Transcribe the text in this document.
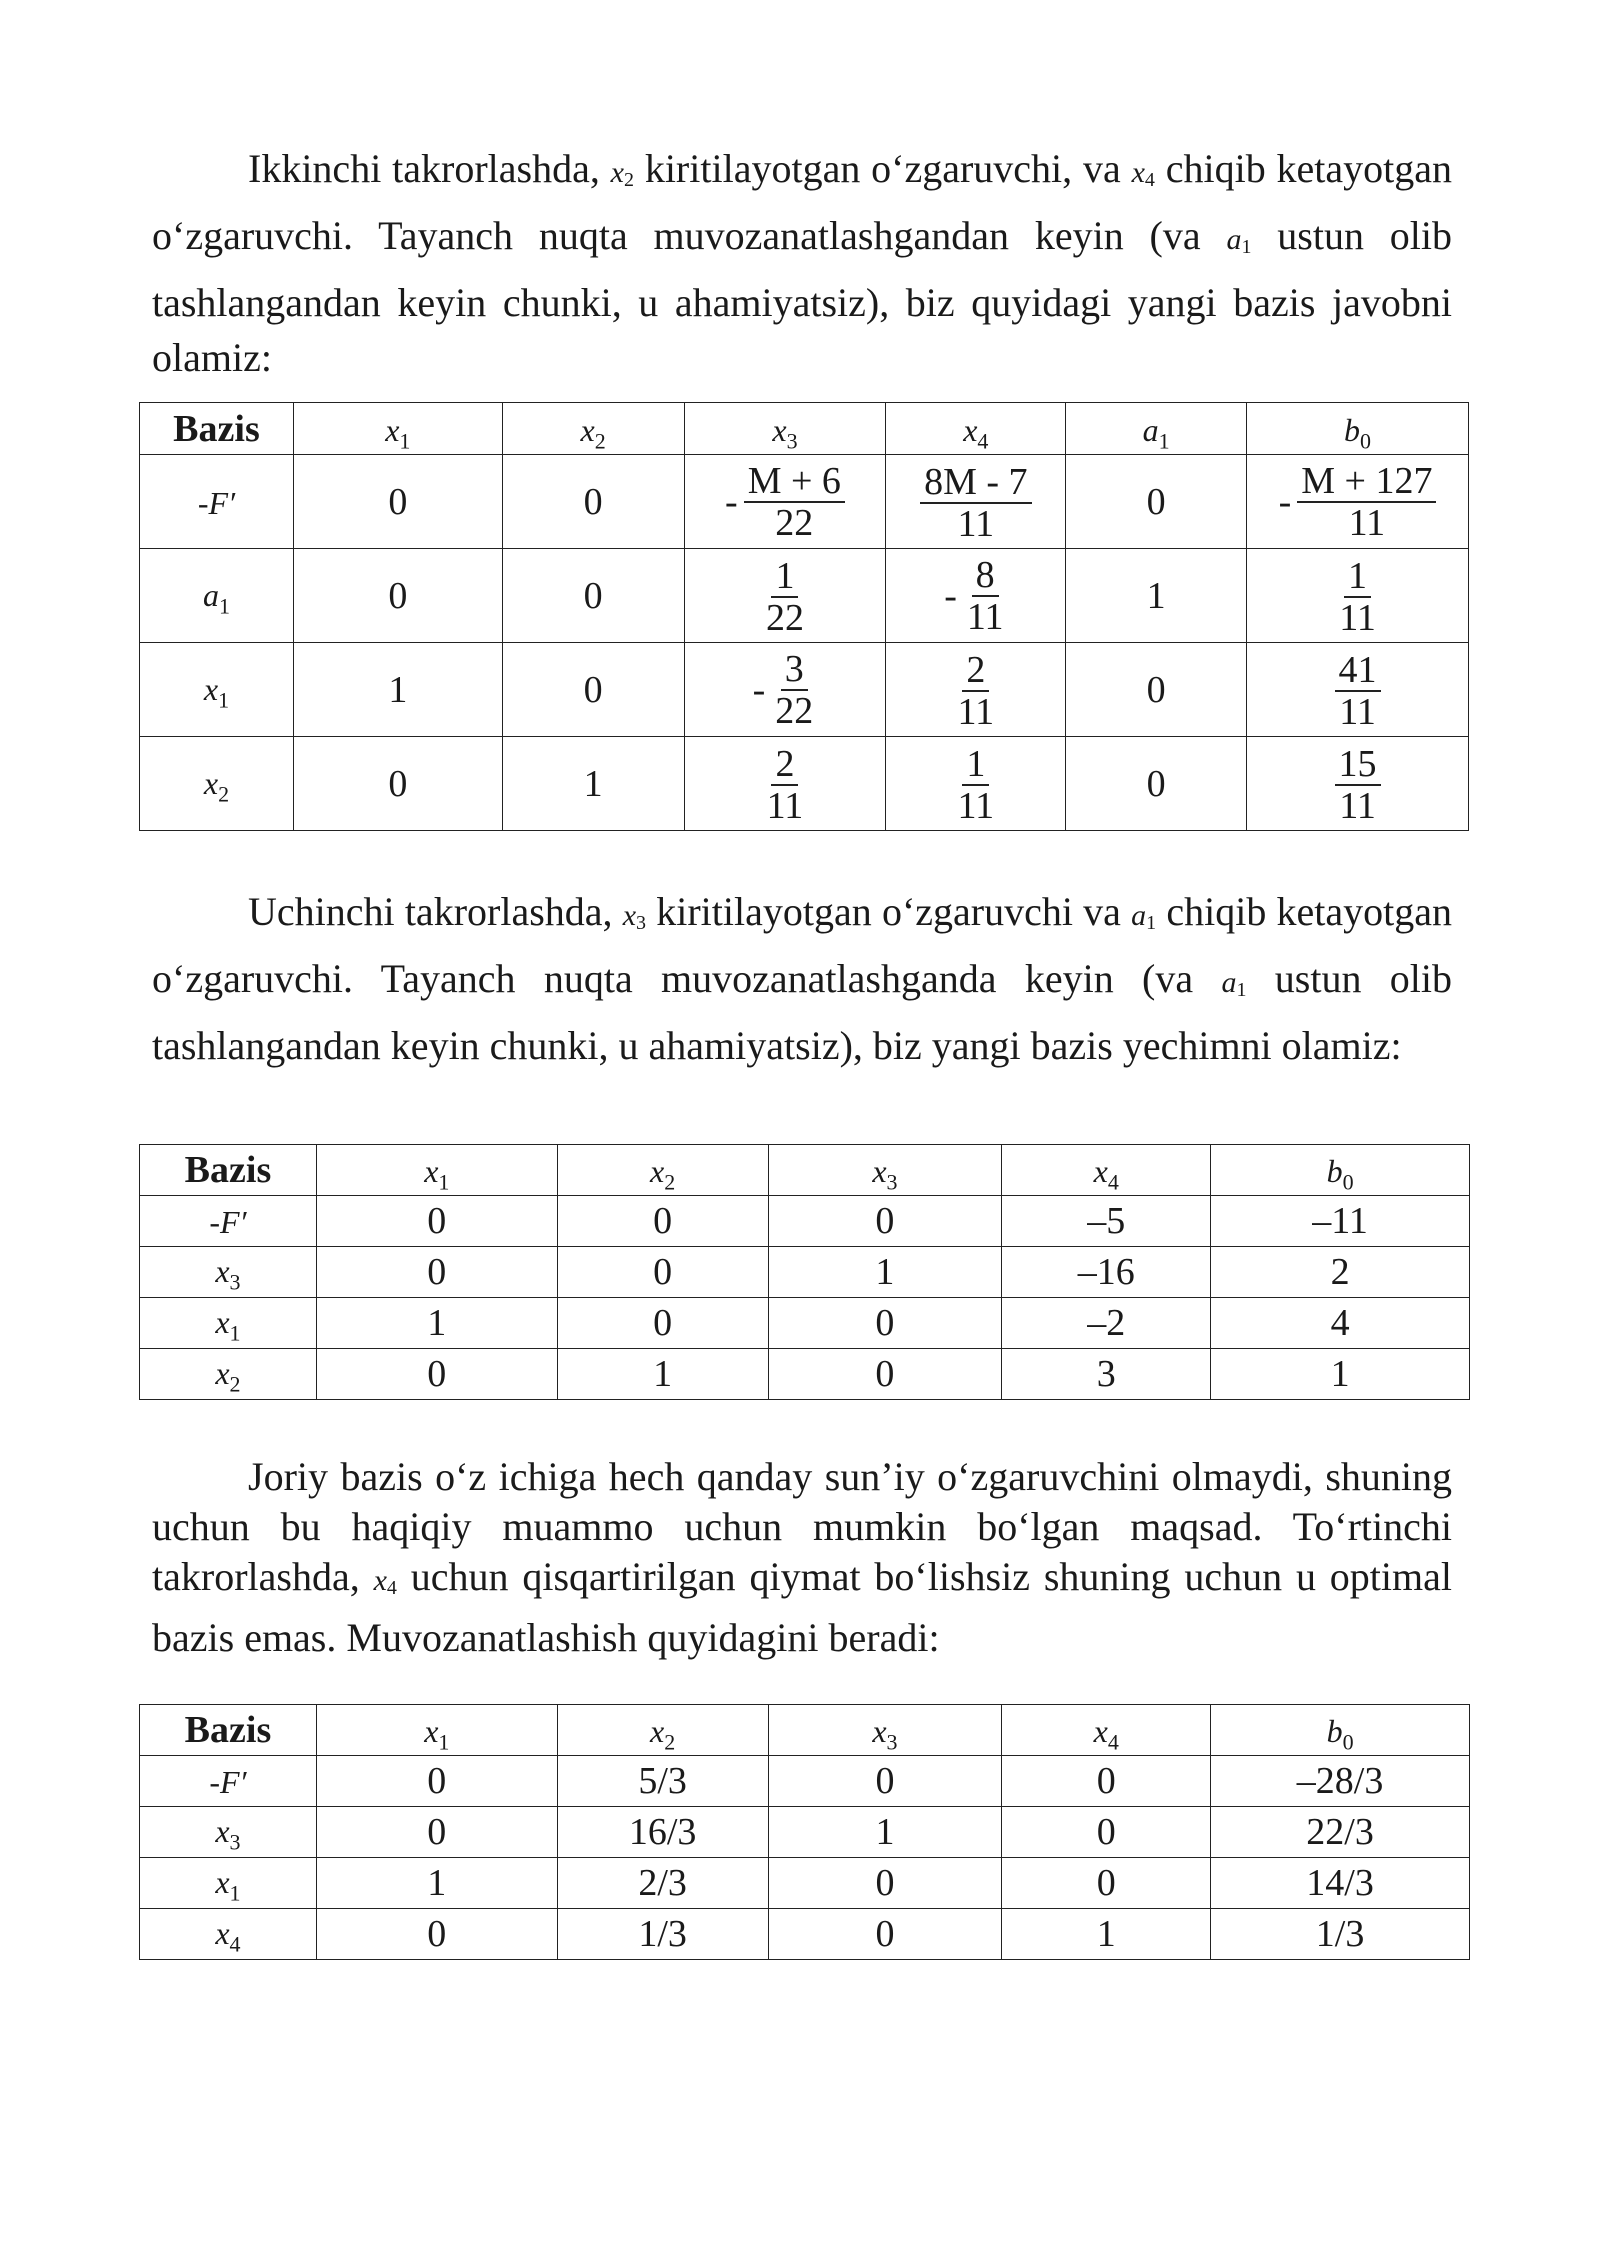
Ikkinchi takrorlashda, $x_2$ kiritilayotgan o‘zgaruvchi, va $x_4$ chiqib ketayotgan o‘zgaruvchi. Tayanch nuqta muvozanatlashgandan keyin (va $a_1$ ustun olib tashlangandan keyin chunki, u ahamiyatsiz), biz quyidagi yangi bazis javobni olamiz:

Bazis	$x_1$	$x_2$	$x_3$	$x_4$	$a_1$	$b_0$
-F′	0	0	- $\frac{M + 6}{22}$	$\frac{8M - 7}{11}$	0	- $\frac{M + 127}{11}$

$a_1$	0	0	$\frac{1}{22}$	- $\frac{8}{11}$	1	$\frac{1}{11}$

$x_1$	1	0	- $\frac{3}{22}$	$\frac{2}{11}$	0	$\frac{41}{11}$

$x_2$	0	1	$\frac{2}{11}$	$\frac{1}{11}$	0	$\frac{15}{11}$

Uchinchi takrorlashda, $x_3$ kiritilayotgan o‘zgaruvchi va $a_1$ chiqib ketayotgan o‘zgaruvchi. Tayanch nuqta muvozanatlashganda keyin (va $a_1$ ustun olib tashlangandan keyin chunki, u ahamiyatsiz), biz yangi bazis yechimni olamiz:

Bazis	$x_1$	$x_2$	$x_3$	$x_4$	$b_0$
-F′	0	0	0	–5	–11
$x_3$	0	0	1	–16	2
$x_1$	1	0	0	–2	4
$x_2$	0	1	0	3	1

Joriy bazis o‘z ichiga hech qanday sun’iy o‘zgaruvchini olmaydi, shuning uchun bu haqiqiy muammo uchun mumkin bo‘lgan maqsad. To‘rtinchi takrorlashda, $x_4$ uchun qisqartirilgan qiymat bo‘lishsiz shuning uchun u optimal bazis emas. Muvozanatlashish quyidagini beradi:

Bazis	$x_1$	$x_2$	$x_3$	$x_4$	$b_0$
-F′	0	5/3	0	0	–28/3
$x_3$	0	16/3	1	0	22/3
$x_1$	1	2/3	0	0	14/3
$x_4$	0	1/3	0	1	1/3
